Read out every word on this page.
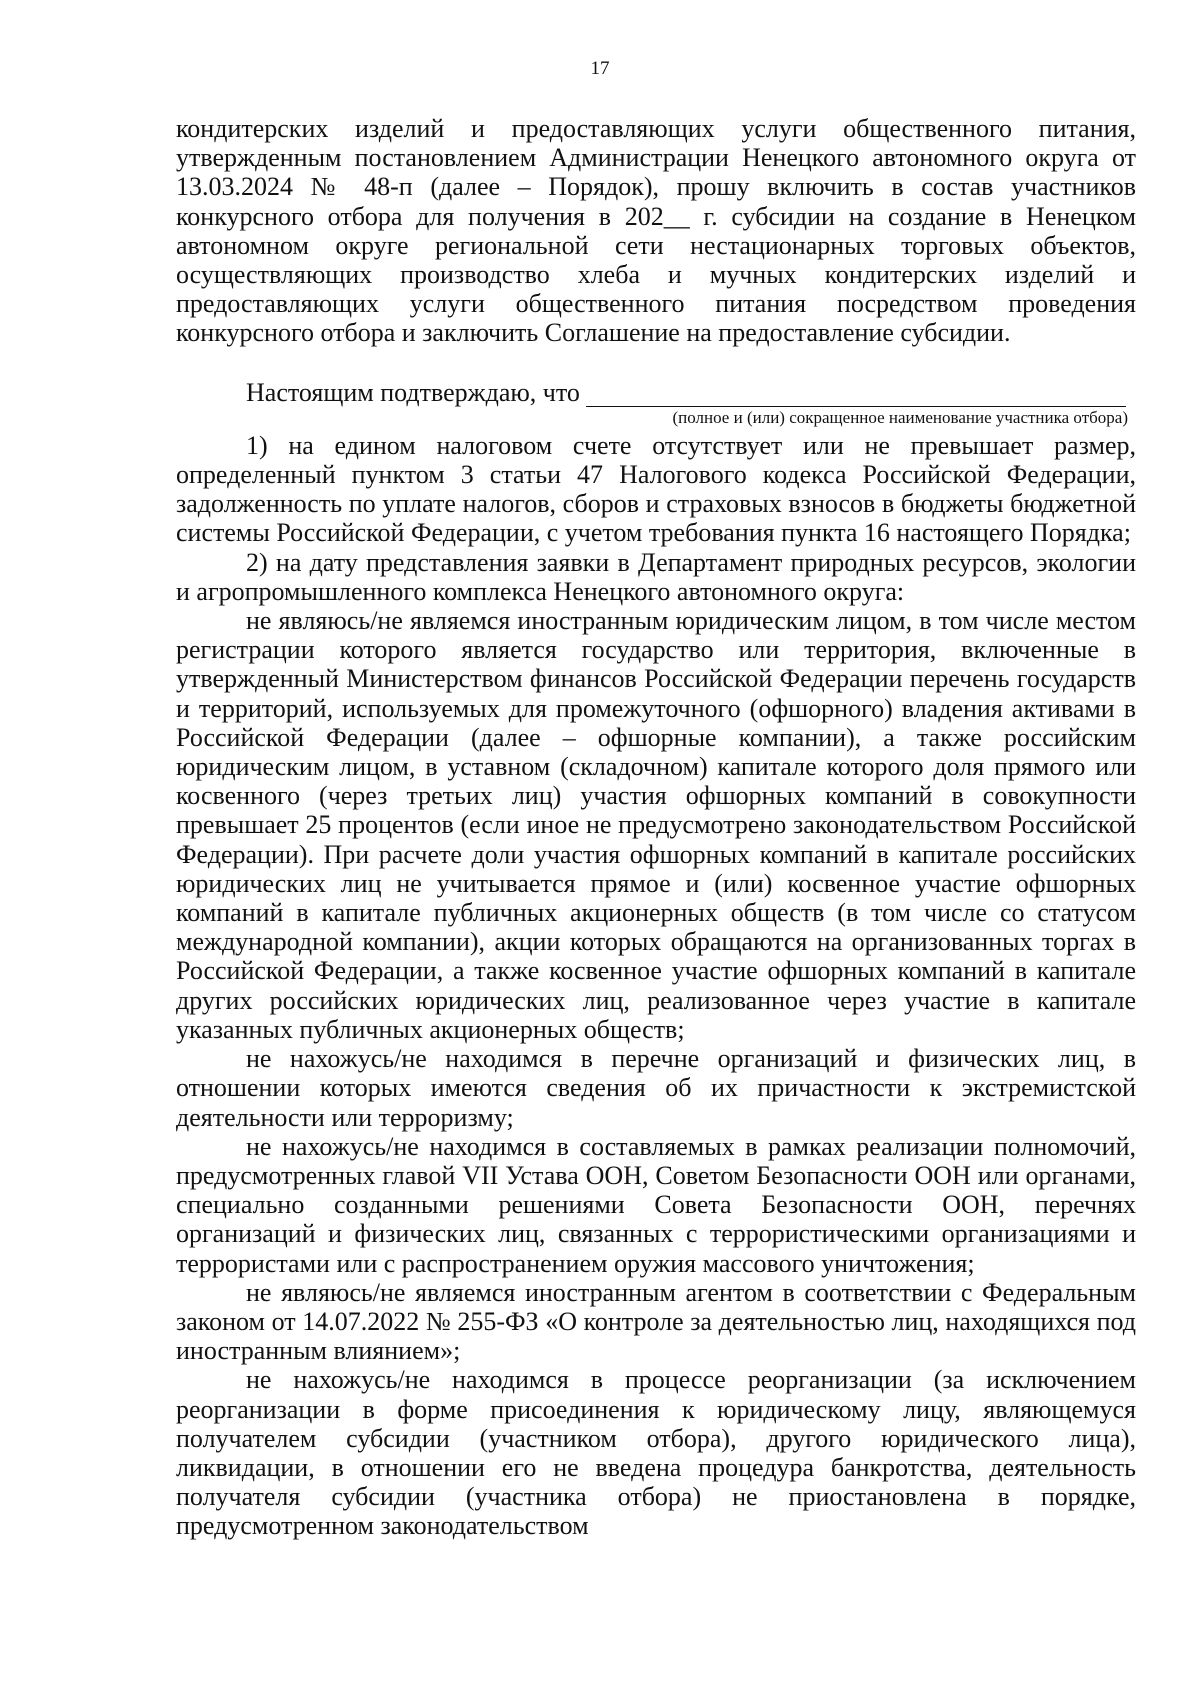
17

кондитерских изделий и предоставляющих услуги общественного питания, утвержденным постановлением Администрации Ненецкого автономного округа от 13.03.2024 № 48-п (далее – Порядок), прошу включить в состав участников конкурсного отбора для получения в 202__ г. субсидии на создание в Ненецком автономном округе региональной сети нестационарных торговых объектов, осуществляющих производство хлеба и мучных кондитерских изделий и предоставляющих услуги общественного питания посредством проведения конкурсного отбора и заключить Соглашение на предоставление субсидии.

Настоящим подтверждаю, что
(полное и (или) сокращенное наименование участника отбора)

1) на едином налоговом счете отсутствует или не превышает размер, определенный пунктом 3 статьи 47 Налогового кодекса Российской Федерации, задолженность по уплате налогов, сборов и страховых взносов в бюджеты бюджетной системы Российской Федерации, с учетом требования пункта 16 настоящего Порядка;

2) на дату представления заявки в Департамент природных ресурсов, экологии и агропромышленного комплекса Ненецкого автономного округа:

не являюсь/не являемся иностранным юридическим лицом, в том числе местом регистрации которого является государство или территория, включенные в утвержденный Министерством финансов Российской Федерации перечень государств и территорий, используемых для промежуточного (офшорного) владения активами в Российской Федерации (далее – офшорные компании), а также российским юридическим лицом, в уставном (складочном) капитале которого доля прямого или косвенного (через третьих лиц) участия офшорных компаний в совокупности превышает 25 процентов (если иное не предусмотрено законодательством Российской Федерации). При расчете доли участия офшорных компаний в капитале российских юридических лиц не учитывается прямое и (или) косвенное участие офшорных компаний в капитале публичных акционерных обществ (в том числе со статусом международной компании), акции которых обращаются на организованных торгах в Российской Федерации, а также косвенное участие офшорных компаний в капитале других российских юридических лиц, реализованное через участие в капитале указанных публичных акционерных обществ;

не нахожусь/не находимся в перечне организаций и физических лиц, в отношении которых имеются сведения об их причастности к экстремистской деятельности или терроризму;

не нахожусь/не находимся в составляемых в рамках реализации полномочий, предусмотренных главой VII Устава ООН, Советом Безопасности ООН или органами, специально созданными решениями Совета Безопасности ООН, перечнях организаций и физических лиц, связанных с террористическими организациями и террористами или с распространением оружия массового уничтожения;

не являюсь/не являемся иностранным агентом в соответствии с Федеральным законом от 14.07.2022 № 255-ФЗ «О контроле за деятельностью лиц, находящихся под иностранным влиянием»;

не нахожусь/не находимся в процессе реорганизации (за исключением реорганизации в форме присоединения к юридическому лицу, являющемуся получателем субсидии (участником отбора), другого юридического лица), ликвидации, в отношении его не введена процедура банкротства, деятельность получателя субсидии (участника отбора) не приостановлена в порядке, предусмотренном законодательством
